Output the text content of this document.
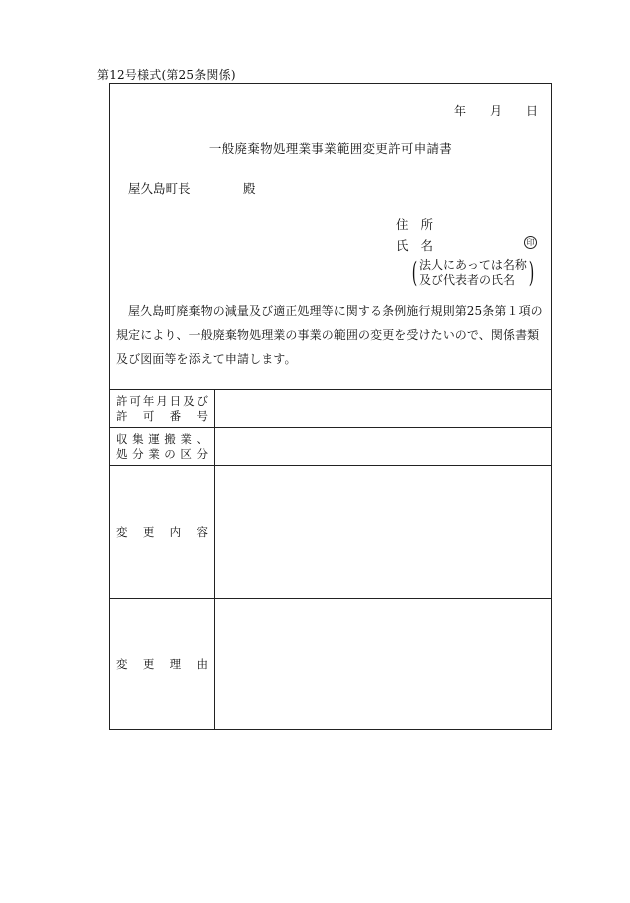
第12号様式(第25条関係)
年 月 日
一般廃棄物処理業事業範囲変更許可申請書
屋久島町長	殿
住所
氏名	印
( 法人にあっては名称
及び代表者の氏名 )
屋久島町廃棄物の減量及び適正処理等に関する条例施行規則第25条第１項の規定により、一般廃棄物処理業の事業の範囲の変更を受けたいので、関係書類及び図面等を添えて申請します。
許可年月日及び
許可番号
収集運搬業、
処分業の区分
変更内容
変更理由
